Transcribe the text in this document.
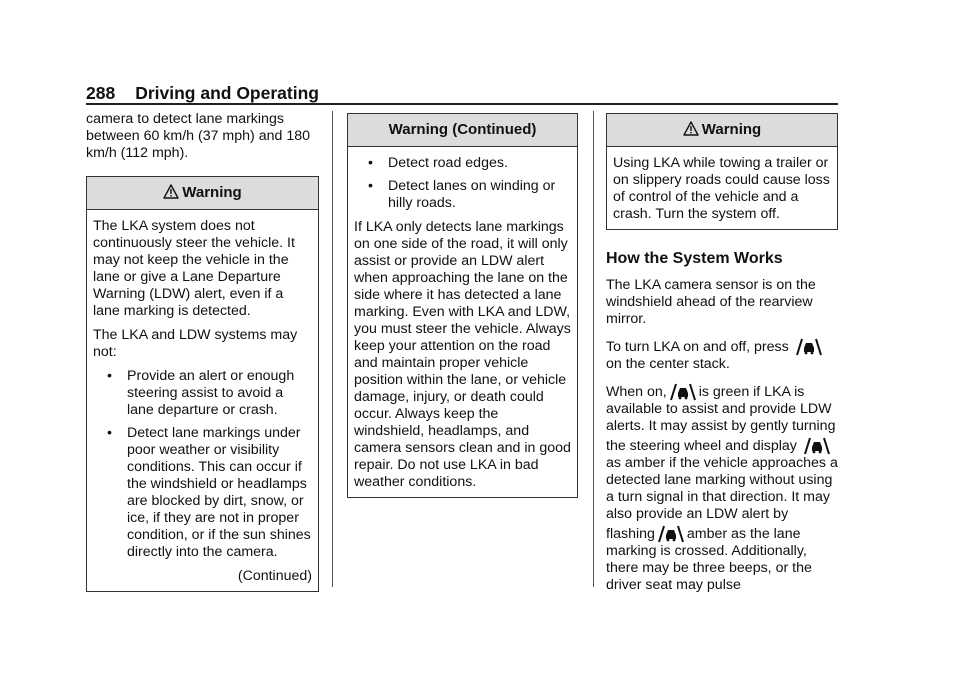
288 Driving and Operating

camera to detect lane markings between 60 km/h (37 mph) and 180 km/h (112 mph).

Warning

The LKA system does not continuously steer the vehicle. It may not keep the vehicle in the lane or give a Lane Departure Warning (LDW) alert, even if a lane marking is detected.

The LKA and LDW systems may not:

• Provide an alert or enough steering assist to avoid a lane departure or crash.
• Detect lane markings under poor weather or visibility conditions. This can occur if the windshield or headlamps are blocked by dirt, snow, or ice, if they are not in proper condition, or if the sun shines directly into the camera.

(Continued)

Warning (Continued)
• Detect road edges.
• Detect lanes on winding or hilly roads.

If LKA only detects lane markings on one side of the road, it will only assist or provide an LDW alert when approaching the lane on the side where it has detected a lane marking. Even with LKA and LDW, you must steer the vehicle. Always keep your attention on the road and maintain proper vehicle position within the lane, or vehicle damage, injury, or death could occur. Always keep the windshield, headlamps, and camera sensors clean and in good repair. Do not use LKA in bad weather conditions.

Warning

Using LKA while towing a trailer or on slippery roads could cause loss of control of the vehicle and a crash. Turn the system off.

How the System Works

The LKA camera sensor is on the windshield ahead of the rearview mirror.

To turn LKA on and off, press  on the center stack.

When on, is green if LKA is available to assist and provide LDW alerts. It may assist by gently turning the steering wheel and display as amber if the vehicle approaches a detected lane marking without using a turn signal in that direction. It may also provide an LDW alert by flashing amber as the lane marking is crossed. Additionally, there may be three beeps, or the driver seat may pulse
